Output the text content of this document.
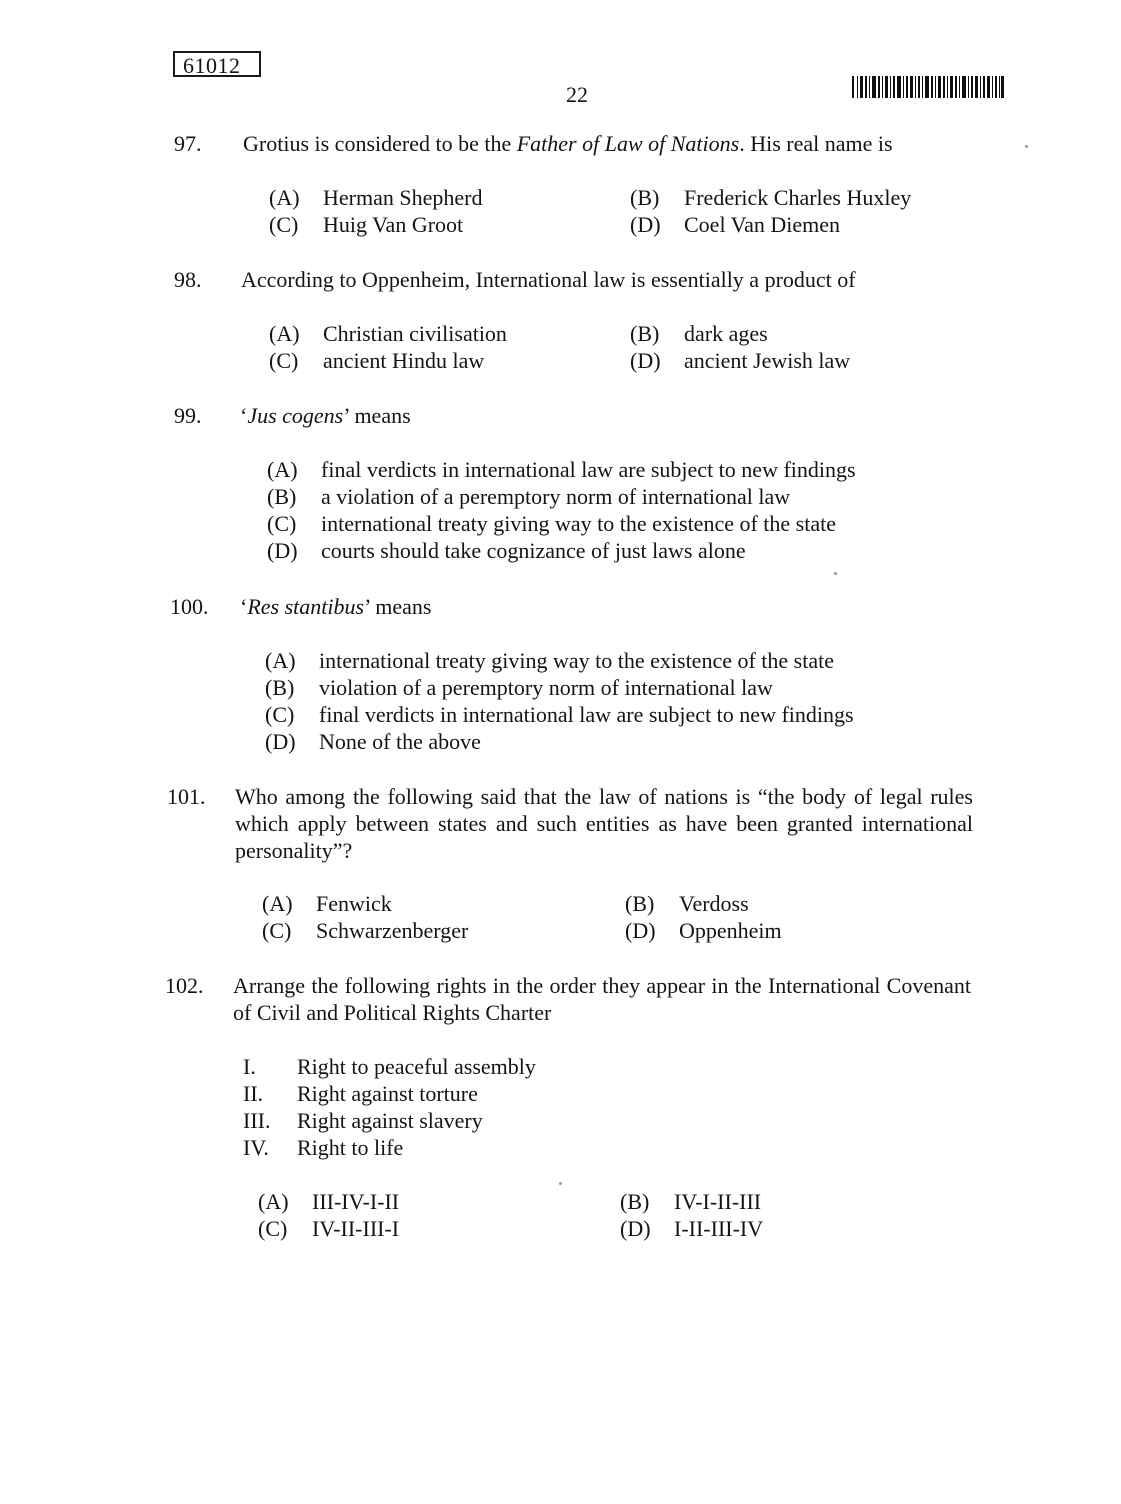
61012
22
97. Grotius is considered to be the Father of Law of Nations. His real name is
(A) Herman Shepherd	(B) Frederick Charles Huxley
(C) Huig Van Groot	(D) Coel Van Diemen
98. According to Oppenheim, International law is essentially a product of
(A) Christian civilisation	(B) dark ages
(C) ancient Hindu law	(D) ancient Jewish law
99. ‘Jus cogens’ means
(A) final verdicts in international law are subject to new findings
(B) a violation of a peremptory norm of international law
(C) international treaty giving way to the existence of the state
(D) courts should take cognizance of just laws alone
100. ‘Res stantibus’ means
(A) international treaty giving way to the existence of the state
(B) violation of a peremptory norm of international law
(C) final verdicts in international law are subject to new findings
(D) None of the above
101. Who among the following said that the law of nations is “the body of legal rules which apply between states and such entities as have been granted international personality”?
(A) Fenwick	(B) Verdoss
(C) Schwarzenberger	(D) Oppenheim
102. Arrange the following rights in the order they appear in the International Covenant of Civil and Political Rights Charter
I. Right to peaceful assembly
II. Right against torture
III. Right against slavery
IV. Right to life
(A) III-IV-I-II	(B) IV-I-II-III
(C) IV-II-III-I	(D) I-II-III-IV
